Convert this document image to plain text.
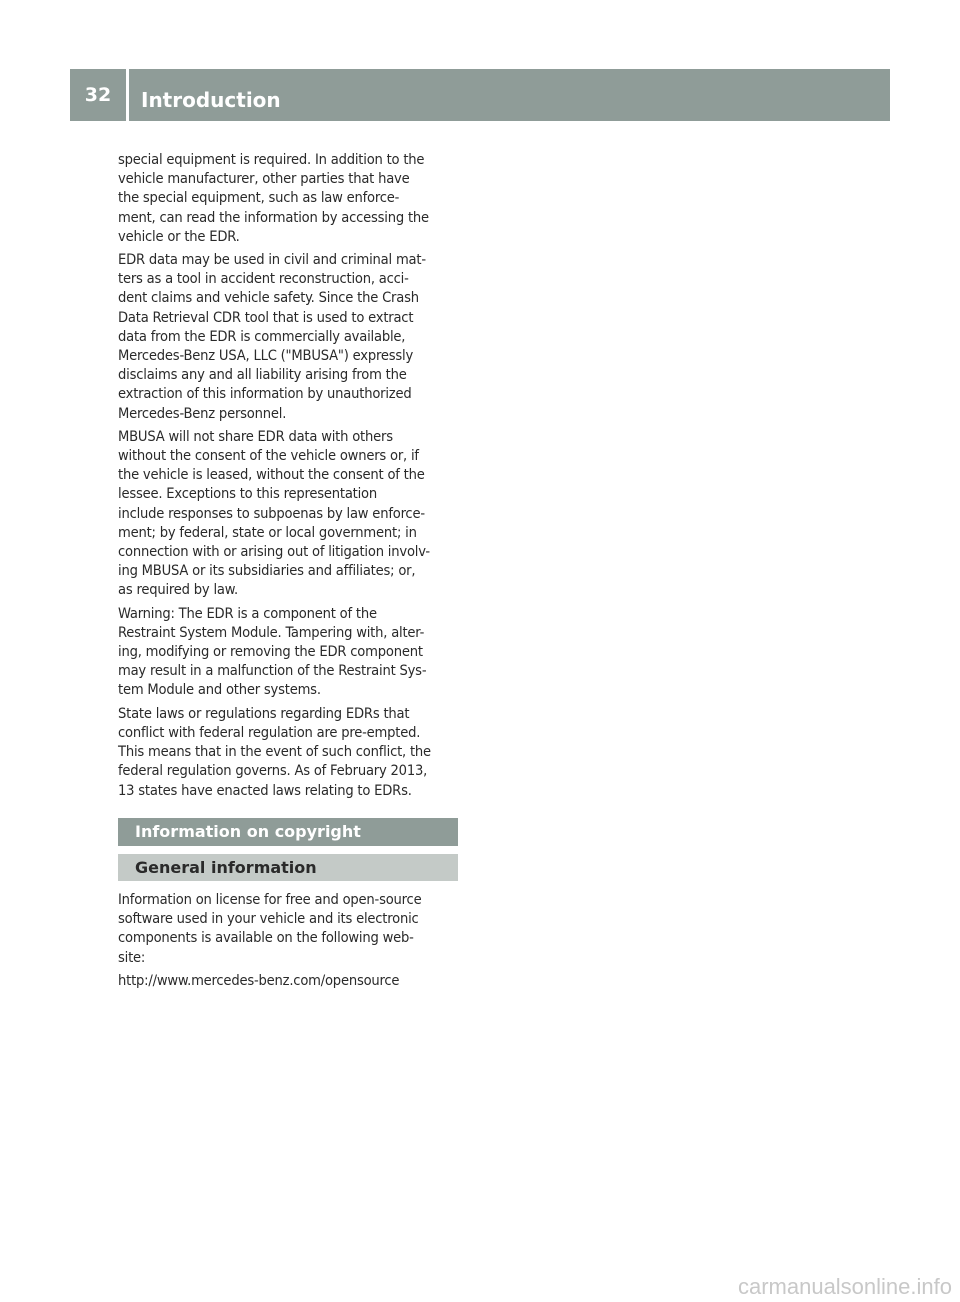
32	Introduction

special equipment is required. In addition to the
vehicle manufacturer, other parties that have
the special equipment, such as law enforce-
ment, can read the information by accessing the
vehicle or the EDR.

EDR data may be used in civil and criminal mat-
ters as a tool in accident reconstruction, acci-
dent claims and vehicle safety. Since the Crash
Data Retrieval CDR tool that is used to extract
data from the EDR is commercially available,
Mercedes-Benz USA, LLC ("MBUSA") expressly
disclaims any and all liability arising from the
extraction of this information by unauthorized
Mercedes-Benz personnel.

MBUSA will not share EDR data with others
without the consent of the vehicle owners or, if
the vehicle is leased, without the consent of the
lessee. Exceptions to this representation
include responses to subpoenas by law enforce-
ment; by federal, state or local government; in
connection with or arising out of litigation involv-
ing MBUSA or its subsidiaries and affiliates; or,
as required by law.

Warning: The EDR is a component of the
Restraint System Module. Tampering with, alter-
ing, modifying or removing the EDR component
may result in a malfunction of the Restraint Sys-
tem Module and other systems.

State laws or regulations regarding EDRs that
conflict with federal regulation are pre-empted.
This means that in the event of such conflict, the
federal regulation governs. As of February 2013,
13 states have enacted laws relating to EDRs.

Information on copyright
General information

Information on license for free and open-source
software used in your vehicle and its electronic
components is available on the following web-
site:

http://www.mercedes-benz.com/opensource

carmanualsonline.info
